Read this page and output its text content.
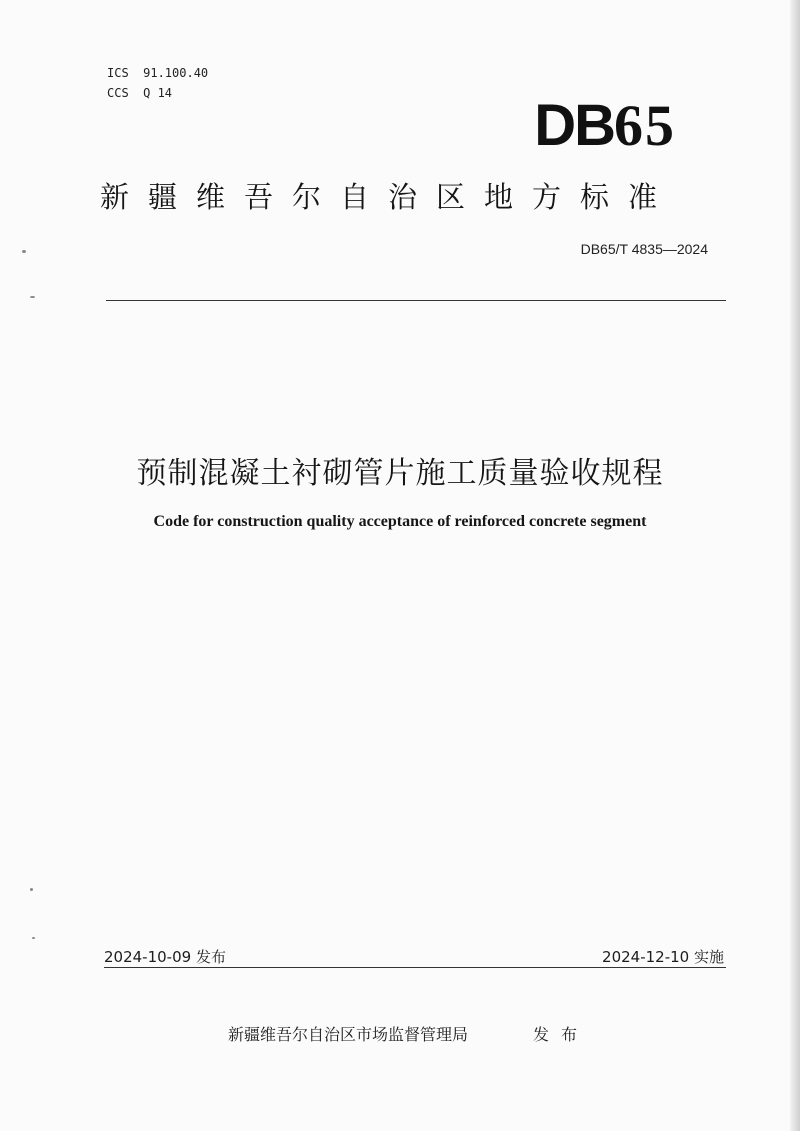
ICS  91.100.40
CCS  Q 14	DB65
新疆维吾尔自治区地方标准
DB65/T 4835—2024
预制混凝土衬砌管片施工质量验收规程
Code for construction quality acceptance of reinforced concrete segment
2024-10-09 发布	2024-12-10 实施
新疆维吾尔自治区市场监督管理局	发布
